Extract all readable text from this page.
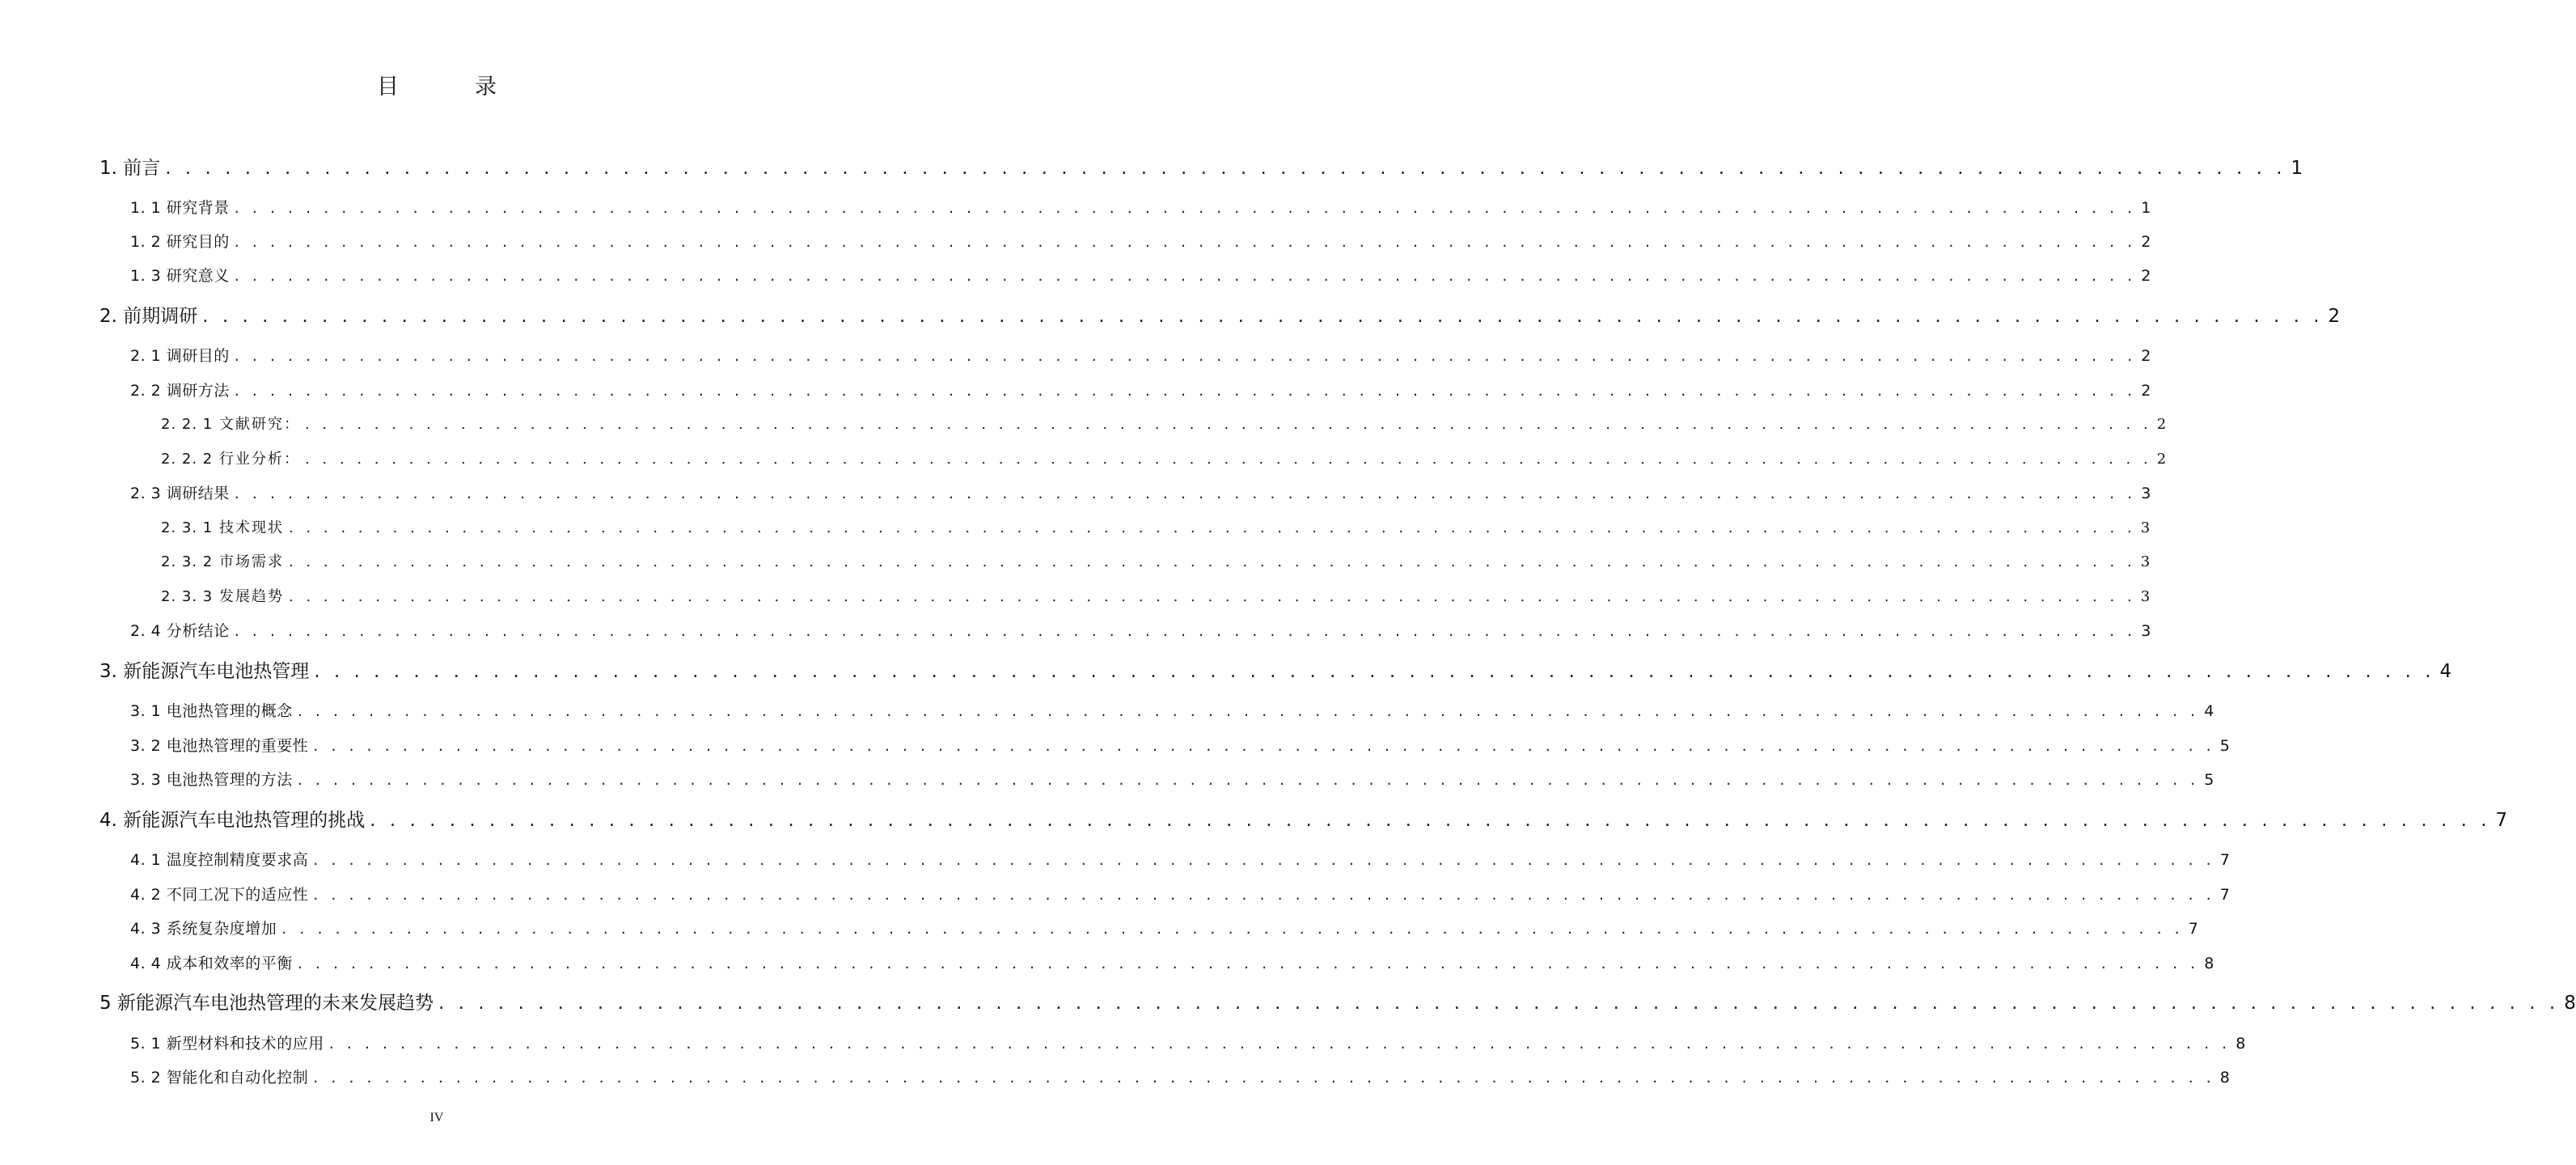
目	录
1. 前言 . . . . . . . . . . . . . . . . . . . . . . . . . . . . . . . . . . . . . . . . . . . . . . . . . . . . . . . . . . . . . . . . . . . . . . . . . . . . . . . . . . . . . . . . . . . . . . . . . . . . . . . . . . . 1
1. 1 研究背景 . . . . . . . . . . . . . . . . . . . . . . . . . . . . . . . . . . . . . . . . . . . . . . . . . . . . . . . . . . . . . . . . . . . . . . . . . . . . . . . . . . . . . . . . . . . . . . . . . . . . . . . . . . . 1
1. 2 研究目的 . . . . . . . . . . . . . . . . . . . . . . . . . . . . . . . . . . . . . . . . . . . . . . . . . . . . . . . . . . . . . . . . . . . . . . . . . . . . . . . . . . . . . . . . . . . . . . . . . . . . . . . . . . . 2
1. 3 研究意义 . . . . . . . . . . . . . . . . . . . . . . . . . . . . . . . . . . . . . . . . . . . . . . . . . . . . . . . . . . . . . . . . . . . . . . . . . . . . . . . . . . . . . . . . . . . . . . . . . . . . . . . . . . . 2
2. 前期调研 . . . . . . . . . . . . . . . . . . . . . . . . . . . . . . . . . . . . . . . . . . . . . . . . . . . . . . . . . . . . . . . . . . . . . . . . . . . . . . . . . . . . . . . . . . . . . . . . . . . . . . . . . . . 2
2. 1 调研目的 . . . . . . . . . . . . . . . . . . . . . . . . . . . . . . . . . . . . . . . . . . . . . . . . . . . . . . . . . . . . . . . . . . . . . . . . . . . . . . . . . . . . . . . . . . . . . . . . . . . . . . . . . . . 2
2. 2 调研方法 . . . . . . . . . . . . . . . . . . . . . . . . . . . . . . . . . . . . . . . . . . . . . . . . . . . . . . . . . . . . . . . . . . . . . . . . . . . . . . . . . . . . . . . . . . . . . . . . . . . . . . . . . . . 2
2. 2. 1 文献研究： . . . . . . . . . . . . . . . . . . . . . . . . . . . . . . . . . . . . . . . . . . . . . . . . . . . . . . . . . . . . . . . . . . . . . . . . . . . . . . . . . . . . . . . . . . . . . . . . . . . . . . . . . . . 2
2. 2. 2 行业分析： . . . . . . . . . . . . . . . . . . . . . . . . . . . . . . . . . . . . . . . . . . . . . . . . . . . . . . . . . . . . . . . . . . . . . . . . . . . . . . . . . . . . . . . . . . . . . . . . . . . . . . . . . . . 2
2. 3 调研结果 . . . . . . . . . . . . . . . . . . . . . . . . . . . . . . . . . . . . . . . . . . . . . . . . . . . . . . . . . . . . . . . . . . . . . . . . . . . . . . . . . . . . . . . . . . . . . . . . . . . . . . . . . . . 3
2. 3. 1 技术现状 . . . . . . . . . . . . . . . . . . . . . . . . . . . . . . . . . . . . . . . . . . . . . . . . . . . . . . . . . . . . . . . . . . . . . . . . . . . . . . . . . . . . . . . . . . . . . . . . . . . . . . . . . . . 3
2. 3. 2 市场需求 . . . . . . . . . . . . . . . . . . . . . . . . . . . . . . . . . . . . . . . . . . . . . . . . . . . . . . . . . . . . . . . . . . . . . . . . . . . . . . . . . . . . . . . . . . . . . . . . . . . . . . . . . . . 3
2. 3. 3 发展趋势 . . . . . . . . . . . . . . . . . . . . . . . . . . . . . . . . . . . . . . . . . . . . . . . . . . . . . . . . . . . . . . . . . . . . . . . . . . . . . . . . . . . . . . . . . . . . . . . . . . . . . . . . . . . 3
2. 4 分析结论 . . . . . . . . . . . . . . . . . . . . . . . . . . . . . . . . . . . . . . . . . . . . . . . . . . . . . . . . . . . . . . . . . . . . . . . . . . . . . . . . . . . . . . . . . . . . . . . . . . . . . . . . . . . 3
3. 新能源汽车电池热管理 . . . . . . . . . . . . . . . . . . . . . . . . . . . . . . . . . . . . . . . . . . . . . . . . . . . . . . . . . . . . . . . . . . . . . . . . . . . . . . . . . . . . . . . . . . . . . . . . . . . . . . . . . . . 4
3. 1 电池热管理的概念 . . . . . . . . . . . . . . . . . . . . . . . . . . . . . . . . . . . . . . . . . . . . . . . . . . . . . . . . . . . . . . . . . . . . . . . . . . . . . . . . . . . . . . . . . . . . . . . . . . . . . . . . . . . 4
3. 2 电池热管理的重要性 . . . . . . . . . . . . . . . . . . . . . . . . . . . . . . . . . . . . . . . . . . . . . . . . . . . . . . . . . . . . . . . . . . . . . . . . . . . . . . . . . . . . . . . . . . . . . . . . . . . . . . . . . . . 5
3. 3 电池热管理的方法 . . . . . . . . . . . . . . . . . . . . . . . . . . . . . . . . . . . . . . . . . . . . . . . . . . . . . . . . . . . . . . . . . . . . . . . . . . . . . . . . . . . . . . . . . . . . . . . . . . . . . . . . . . . 5
4. 新能源汽车电池热管理的挑战 . . . . . . . . . . . . . . . . . . . . . . . . . . . . . . . . . . . . . . . . . . . . . . . . . . . . . . . . . . . . . . . . . . . . . . . . . . . . . . . . . . . . . . . . . . . . . . . . . . . . . . . . . . . 7
4. 1 温度控制精度要求高 . . . . . . . . . . . . . . . . . . . . . . . . . . . . . . . . . . . . . . . . . . . . . . . . . . . . . . . . . . . . . . . . . . . . . . . . . . . . . . . . . . . . . . . . . . . . . . . . . . . . . . . . . . . 7
4. 2 不同工况下的适应性 . . . . . . . . . . . . . . . . . . . . . . . . . . . . . . . . . . . . . . . . . . . . . . . . . . . . . . . . . . . . . . . . . . . . . . . . . . . . . . . . . . . . . . . . . . . . . . . . . . . . . . . . . . . 7
4. 3 系统复杂度增加 . . . . . . . . . . . . . . . . . . . . . . . . . . . . . . . . . . . . . . . . . . . . . . . . . . . . . . . . . . . . . . . . . . . . . . . . . . . . . . . . . . . . . . . . . . . . . . . . . . . . . . . . . . . 7
4. 4 成本和效率的平衡 . . . . . . . . . . . . . . . . . . . . . . . . . . . . . . . . . . . . . . . . . . . . . . . . . . . . . . . . . . . . . . . . . . . . . . . . . . . . . . . . . . . . . . . . . . . . . . . . . . . . . . . . . . . 8
5 新能源汽车电池热管理的未来发展趋势 . . . . . . . . . . . . . . . . . . . . . . . . . . . . . . . . . . . . . . . . . . . . . . . . . . . . . . . . . . . . . . . . . . . . . . . . . . . . . . . . . . . . . . . . . . . . . . . . . . . . . . . . . . . 8
5. 1 新型材料和技术的应用 . . . . . . . . . . . . . . . . . . . . . . . . . . . . . . . . . . . . . . . . . . . . . . . . . . . . . . . . . . . . . . . . . . . . . . . . . . . . . . . . . . . . . . . . . . . . . . . . . . . . . . . . . . . 8
5. 2 智能化和自动化控制 . . . . . . . . . . . . . . . . . . . . . . . . . . . . . . . . . . . . . . . . . . . . . . . . . . . . . . . . . . . . . . . . . . . . . . . . . . . . . . . . . . . . . . . . . . . . . . . . . . . . . . . . . . . 8
IV
